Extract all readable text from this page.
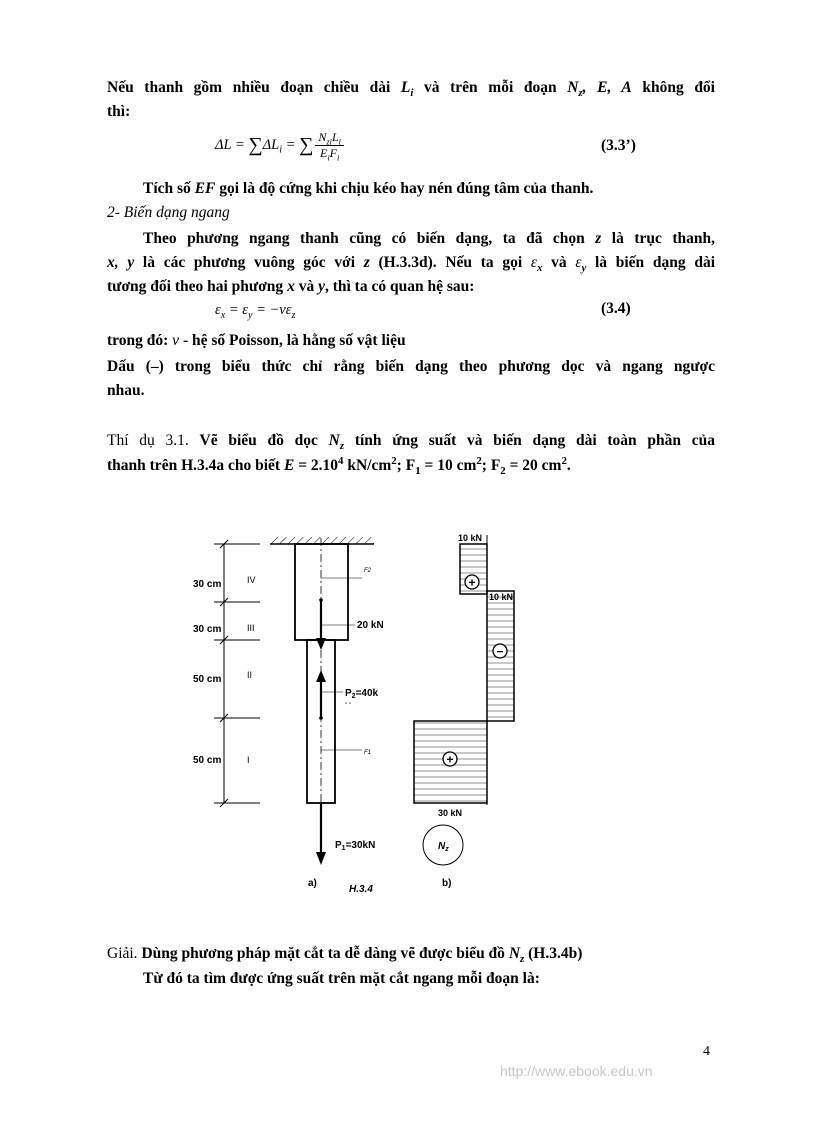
Nếu thanh gồm nhiều đoạn chiều dài $L_i$ và trên mỗi đoạn $N_z$, E, A không đổi
thì:
$\Delta L = \sum\Delta L_i$ = ∑ $\frac{N_{zi}L_i}{E_iF_i}$	(3.3’)
Tích số EF gọi là độ cứng khi chịu kéo hay nén đúng tâm của thanh.
2- Biến dạng ngang
Theo phương ngang thanh cũng có biến dạng, ta đã chọn z là trục thanh,
x, y là các phương vuông góc với z (H.3.3d). Nếu ta gọi $\varepsilon_x$ và $\varepsilon_y$ là biến dạng dài
tương đối theo hai phương x và y, thì ta có quan hệ sau:
$\varepsilon_x = \varepsilon_y = -\nu\varepsilon_z$	(3.4)
trong đó: ν - hệ số Poisson, là hằng số vật liệu
Dấu (–) trong biểu thức chỉ rằng biến dạng theo phương dọc và ngang ngược
nhau.
Thí dụ 3.1. Vẽ biểu đồ dọc $N_z$ tính ứng suất và biến dạng dài toàn phần của
thanh trên H.3.4a cho biết $E = 2.10^4$ $kN/cm^2$; $F_1 = 10$ $cm^2$; $F_2 = 20$ $cm^2$.
30 cm
30 cm
50 cm
50 cm
IV
III
II
I
F2
20 kN
$P_2=40k$
" "
F1
$P_1=30kN$
a)
H.3.4
10 kN
10 kN
30 kN
+
−
+
$N_z$
b)
Giải. Dùng phương pháp mặt cắt ta dễ dàng vẽ được biểu đồ $N_z$ (H.3.4b)
Từ đó ta tìm được ứng suất trên mặt cắt ngang mỗi đoạn là:
4
http://www.ebook.edu.vn
